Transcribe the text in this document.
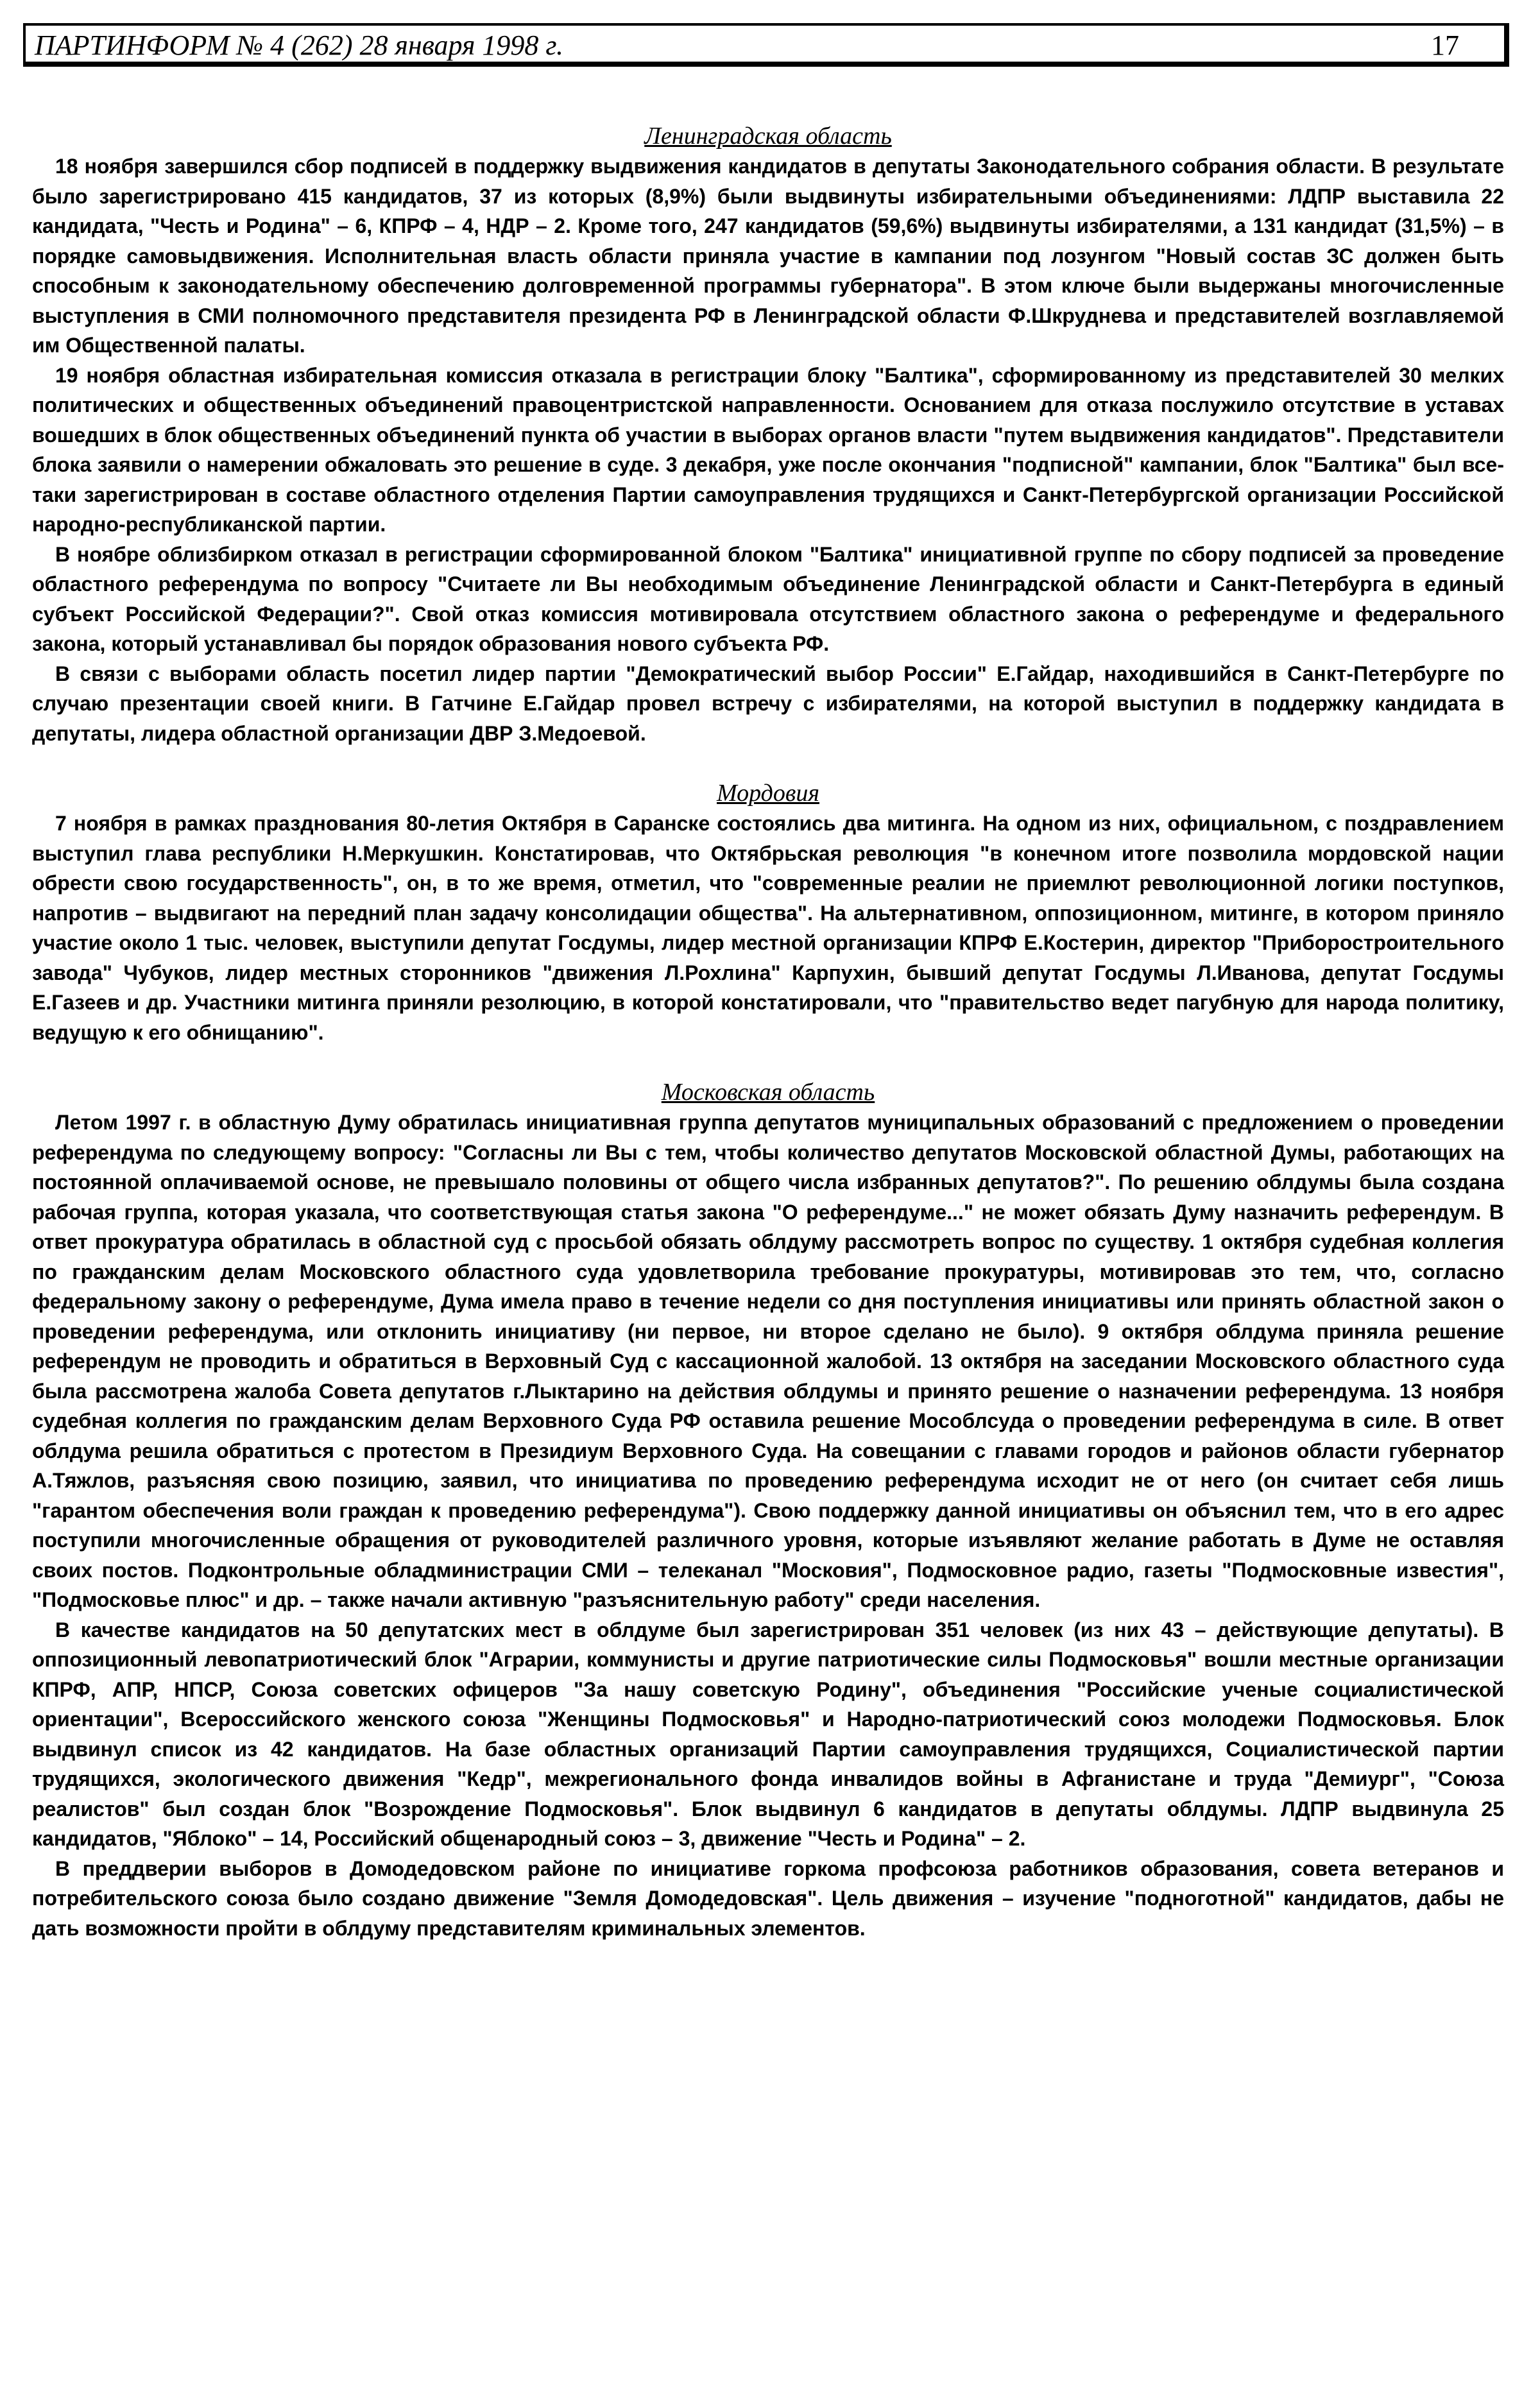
ПАРТИНФОРМ № 4 (262) 28 января 1998 г.	17

Ленинградская область

18 ноября завершился сбор подписей в поддержку выдвижения кандидатов в депутаты Законодательного собрания области. В результате было зарегистрировано 415 кандидатов, 37 из которых (8,9%) были выдвинуты избирательными объединениями: ЛДПР выставила 22 кандидата, "Честь и Родина" – 6, КПРФ – 4, НДР – 2. Кроме того, 247 кандидатов (59,6%) выдвинуты избирателями, а 131 кандидат (31,5%) – в порядке самовыдвижения. Исполнительная власть области приняла участие в кампании под лозунгом "Новый состав ЗС должен быть способным к законодательному обеспечению долговременной программы губернатора". В этом ключе были выдержаны многочисленные выступления в СМИ полномочного представителя президента РФ в Ленинградской области Ф.Шкруднева и представителей возглавляемой им Общественной палаты.

19 ноября областная избирательная комиссия отказала в регистрации блоку "Балтика", сформированному из представителей 30 мелких политических и общественных объединений правоцентристской направленности. Основанием для отказа послужило отсутствие в уставах вошедших в блок общественных объединений пункта об участии в выборах органов власти "путем выдвижения кандидатов". Представители блока заявили о намерении обжаловать это решение в суде. 3 декабря, уже после окончания "подписной" кампании, блок "Балтика" был все-таки зарегистрирован в составе областного отделения Партии самоуправления трудящихся и Санкт-Петербургской организации Российской народно-республиканской партии.

В ноябре облизбирком отказал в регистрации сформированной блоком "Балтика" инициативной группе по сбору подписей за проведение областного референдума по вопросу "Считаете ли Вы необходимым объединение Ленинградской области и Санкт-Петербурга в единый субъект Российской Федерации?". Свой отказ комиссия мотивировала отсутствием областного закона о референдуме и федерального закона, который устанавливал бы порядок образования нового субъекта РФ.

В связи с выборами область посетил лидер партии "Демократический выбор России" Е.Гайдар, находившийся в Санкт-Петербурге по случаю презентации своей книги. В Гатчине Е.Гайдар провел встречу с избирателями, на которой выступил в поддержку кандидата в депутаты, лидера областной организации ДВР З.Медоевой.

Мордовия

7 ноября в рамках празднования 80-летия Октября в Саранске состоялись два митинга. На одном из них, официальном, с поздравлением выступил глава республики Н.Меркушкин. Констатировав, что Октябрьская революция "в конечном итоге позволила мордовской нации обрести свою государственность", он, в то же время, отметил, что "современные реалии не приемлют революционной логики поступков, напротив – выдвигают на передний план задачу консолидации общества". На альтернативном, оппозиционном, митинге, в котором приняло участие около 1 тыс. человек, выступили депутат Госдумы, лидер местной организации КПРФ Е.Костерин, директор "Приборостроительного завода" Чубуков, лидер местных сторонников "движения Л.Рохлина" Карпухин, бывший депутат Госдумы Л.Иванова, депутат Госдумы Е.Газеев и др. Участники митинга приняли резолюцию, в которой констатировали, что "правительство ведет пагубную для народа политику, ведущую к его обнищанию".

Московская область

Летом 1997 г. в областную Думу обратилась инициативная группа депутатов муниципальных образований с предложением о проведении референдума по следующему вопросу: "Согласны ли Вы с тем, чтобы количество депутатов Московской областной Думы, работающих на постоянной оплачиваемой основе, не превышало половины от общего числа избранных депутатов?". По решению облдумы была создана рабочая группа, которая указала, что соответствующая статья закона "О референдуме..." не может обязать Думу назначить референдум. В ответ прокуратура обратилась в областной суд с просьбой обязать облдуму рассмотреть вопрос по существу. 1 октября судебная коллегия по гражданским делам Московского областного суда удовлетворила требование прокуратуры, мотивировав это тем, что, согласно федеральному закону о референдуме, Дума имела право в течение недели со дня поступления инициативы или принять областной закон о проведении референдума, или отклонить инициативу (ни первое, ни второе сделано не было). 9 октября облдума приняла решение референдум не проводить и обратиться в Верховный Суд с кассационной жалобой. 13 октября на заседании Московского областного суда была рассмотрена жалоба Совета депутатов г.Лыктарино на действия облдумы и принято решение о назначении референдума. 13 ноября судебная коллегия по гражданским делам Верховного Суда РФ оставила решение Мособлсуда о проведении референдума в силе. В ответ облдума решила обратиться с протестом в Президиум Верховного Суда. На совещании с главами городов и районов области губернатор А.Тяжлов, разъясняя свою позицию, заявил, что инициатива по проведению референдума исходит не от него (он считает себя лишь "гарантом обеспечения воли граждан к проведению референдума"). Свою поддержку данной инициативы он объяснил тем, что в его адрес поступили многочисленные обращения от руководителей различного уровня, которые изъявляют желание работать в Думе не оставляя своих постов. Подконтрольные обладминистрации СМИ – телеканал "Московия", Подмосковное радио, газеты "Подмосковные известия", "Подмосковье плюс" и др. – также начали активную "разъяснительную работу" среди населения.

В качестве кандидатов на 50 депутатских мест в облдуме был зарегистрирован 351 человек (из них 43 – действующие депутаты). В оппозиционный левопатриотический блок "Аграрии, коммунисты и другие патриотические силы Подмосковья" вошли местные организации КПРФ, АПР, НПСР, Союза советских офицеров "За нашу советскую Родину", объединения "Российские ученые социалистической ориентации", Всероссийского женского союза "Женщины Подмосковья" и Народно-патриотический союз молодежи Подмосковья. Блок выдвинул список из 42 кандидатов. На базе областных организаций Партии самоуправления трудящихся, Социалистической партии трудящихся, экологического движения "Кедр", межрегионального фонда инвалидов войны в Афганистане и труда "Демиург", "Союза реалистов" был создан блок "Возрождение Подмосковья". Блок выдвинул 6 кандидатов в депутаты облдумы. ЛДПР выдвинула 25 кандидатов, "Яблоко" – 14, Российский общенародный союз – 3, движение "Честь и Родина" – 2.

В преддверии выборов в Домодедовском районе по инициативе горкома профсоюза работников образования, совета ветеранов и потребительского союза было создано движение "Земля Домодедовская". Цель движения – изучение "подноготной" кандидатов, дабы не дать возможности пройти в облдуму представителям криминальных элементов.
